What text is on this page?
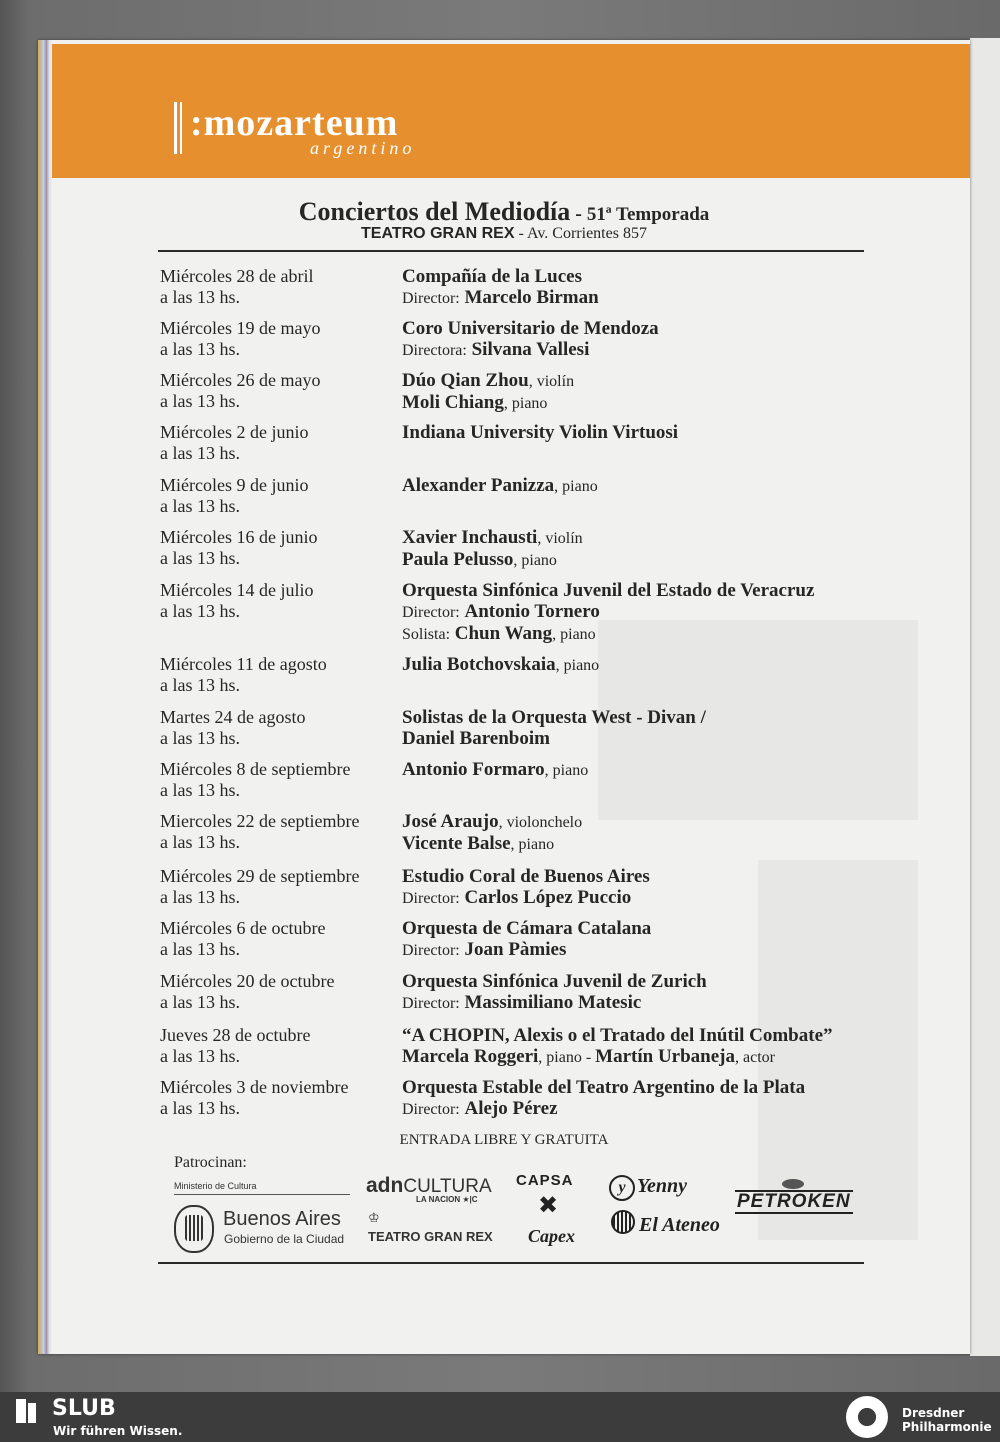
:mozarteum
argentino
Conciertos del Mediodía - 51ª Temporada
TEATRO GRAN REX - Av. Corrientes 857
Miércoles 28 de abril
a las 13 hs.
Compañía de la Luces
Director: Marcelo Birman
Miércoles 19 de mayo
a las 13 hs.
Coro Universitario de Mendoza
Directora: Silvana Vallesi
Miércoles 26 de mayo
a las 13 hs.
Dúo Qian Zhou, violín
Moli Chiang, piano
Miércoles 2 de junio
a las 13 hs.
Indiana University Violin Virtuosi
Miércoles 9 de junio
a las 13 hs.
Alexander Panizza, piano
Miércoles 16 de junio
a las 13 hs.
Xavier Inchausti, violín
Paula Pelusso, piano
Miércoles 14 de julio
a las 13 hs.
Orquesta Sinfónica Juvenil del Estado de Veracruz
Director: Antonio Tornero
Solista: Chun Wang, piano
Miércoles 11 de agosto
a las 13 hs.
Julia Botchovskaia, piano
Martes 24 de agosto
a las 13 hs.
Solistas de la Orquesta West - Divan /
Daniel Barenboim
Miércoles 8 de septiembre
a las 13 hs.
Antonio Formaro, piano
Miercoles 22 de septiembre
a las 13 hs.
José Araujo, violonchelo
Vicente Balse, piano
Miércoles 29 de septiembre
a las 13 hs.
Estudio Coral de Buenos Aires
Director: Carlos López Puccio
Miércoles 6 de octubre
a las 13 hs.
Orquesta de Cámara Catalana
Director: Joan Pàmies
Miércoles 20 de octubre
a las 13 hs.
Orquesta Sinfónica Juvenil de Zurich
Director: Massimiliano Matesic
Jueves 28 de octubre
a las 13 hs.
“A CHOPIN, Alexis o el Tratado del Inútil Combate”
Marcela Roggeri, piano - Martín Urbaneja, actor
Miércoles 3 de noviembre
a las 13 hs.
Orquesta Estable del Teatro Argentino de la Plata
Director: Alejo Pérez
ENTRADA LIBRE Y GRATUITA
Patrocinan:
Ministerio de Cultura
Buenos Aires
Gobierno de la Ciudad
adnCULTURA
LA NACION ★|C
♔
TEATRO GRAN REX
CAPSA
✖
Capex
y Yenny
El Ateneo
PETROKEN
SLUB
Wir führen Wissen.
Dresdner
Philharmonie
